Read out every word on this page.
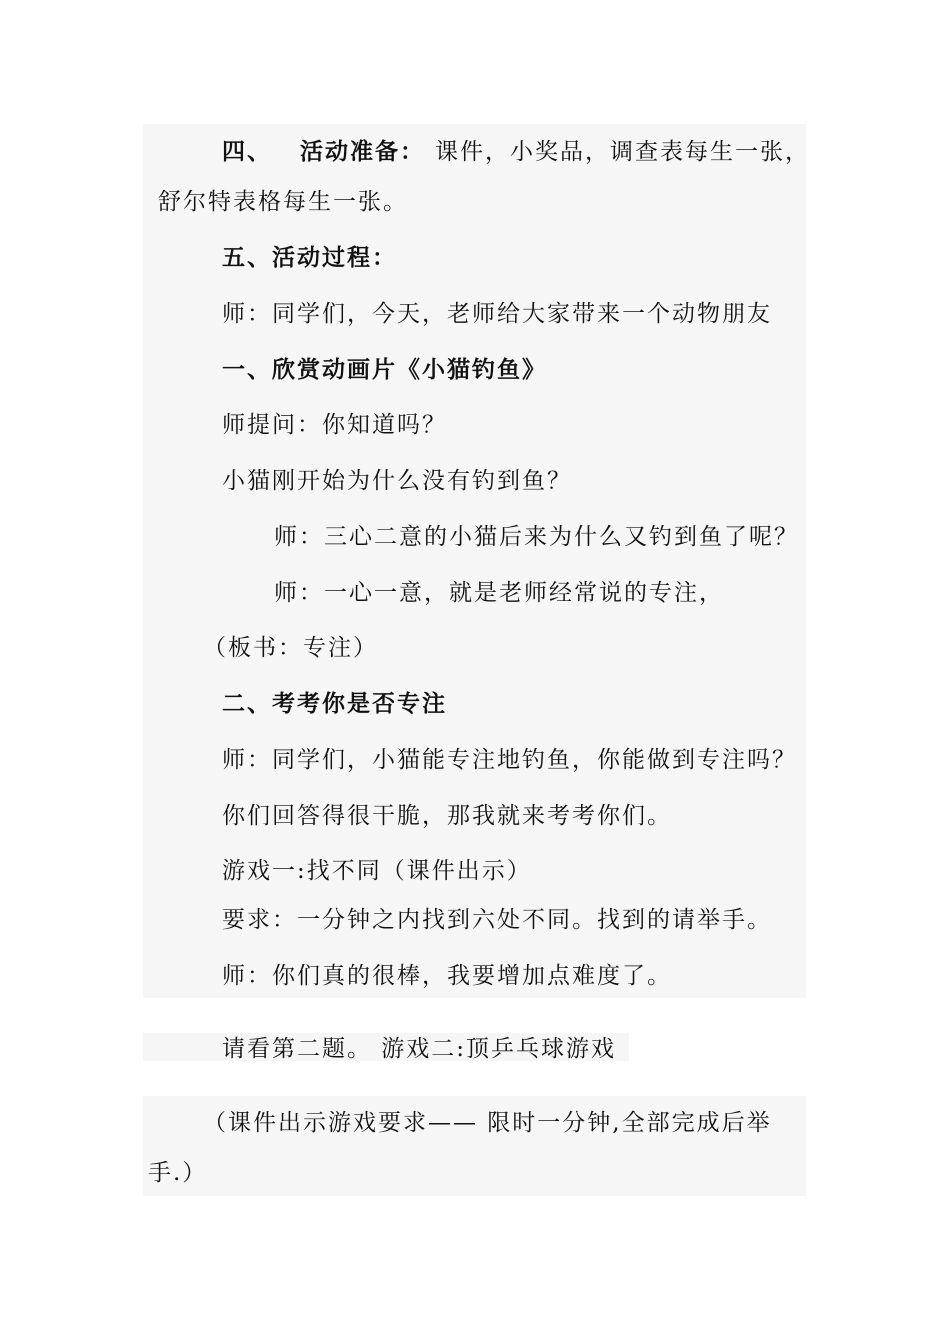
四、 活动准备： 课件，小奖品，调查表每生一张，
舒尔特表格每生一张。
五、活动过程：
师：同学们，今天，老师给大家带来一个动物朋友
一、欣赏动画片《小猫钓鱼》
师提问：你知道吗？
小猫刚开始为什么没有钓到鱼？
师：三心二意的小猫后来为什么又钓到鱼了呢？
师：一心一意，就是老师经常说的专注，
（板书：专注）
二、考考你是否专注
师：同学们，小猫能专注地钓鱼，你能做到专注吗？
你们回答得很干脆，那我就来考考你们。
游戏一:找不同（课件出示）
要求：一分钟之内找到六处不同。找到的请举手。
师：你们真的很棒，我要增加点难度了。
请看第二题。 游戏二:顶乒乓球游戏
（课件出示游戏要求—— 限时一分钟,全部完成后举
手.）
